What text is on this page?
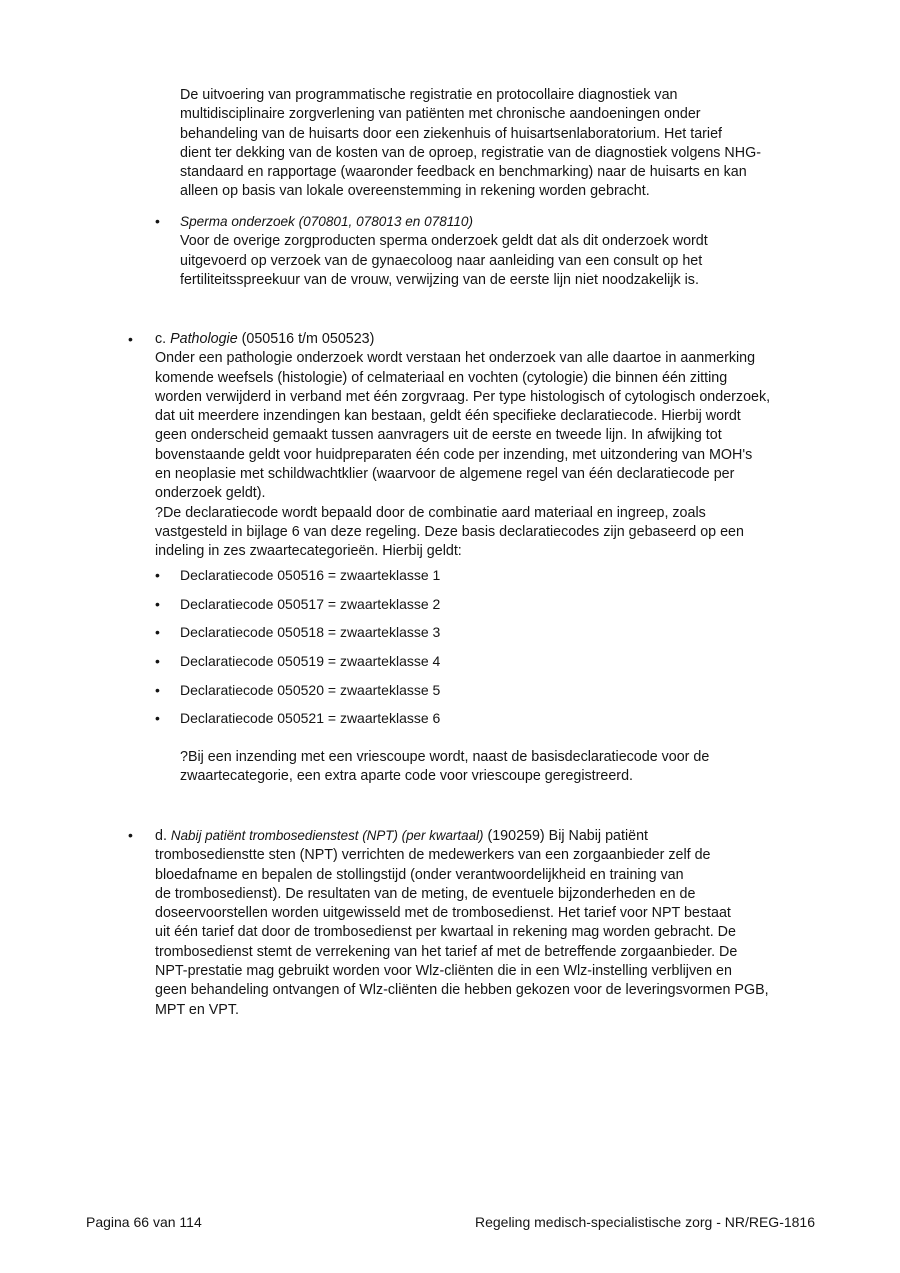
De uitvoering van programmatische registratie en protocollaire diagnostiek van
multidisciplinaire zorgverlening van patiënten met chronische aandoeningen onder
behandeling van de huisarts door een ziekenhuis of huisartsenlaboratorium. Het tarief
dient ter dekking van de kosten van de oproep, registratie van de diagnostiek volgens NHG-
standaard en rapportage (waaronder feedback en benchmarking) naar de huisarts en kan
alleen op basis van lokale overeenstemming in rekening worden gebracht.
• Sperma onderzoek (070801, 078013 en 078110)
Voor de overige zorgproducten sperma onderzoek geldt dat als dit onderzoek wordt
uitgevoerd op verzoek van de gynaecoloog naar aanleiding van een consult op het
fertiliteitsspreekuur van de vrouw, verwijzing van de eerste lijn niet noodzakelijk is.
• c. Pathologie (050516 t/m 050523)
Onder een pathologie onderzoek wordt verstaan het onderzoek van alle daartoe in aanmerking
komende weefsels (histologie) of celmateriaal en vochten (cytologie) die binnen één zitting
worden verwijderd in verband met één zorgvraag. Per type histologisch of cytologisch onderzoek,
dat uit meerdere inzendingen kan bestaan, geldt één specifieke declaratiecode. Hierbij wordt
geen onderscheid gemaakt tussen aanvragers uit de eerste en tweede lijn. In afwijking tot
bovenstaande geldt voor huidpreparaten één code per inzending, met uitzondering van MOH's
en neoplasie met schildwachtklier (waarvoor de algemene regel van één declaratiecode per
onderzoek geldt).
?De declaratiecode wordt bepaald door de combinatie aard materiaal en ingreep, zoals
vastgesteld in bijlage 6 van deze regeling. Deze basis declaratiecodes zijn gebaseerd op een
indeling in zes zwaartecategorieën. Hierbij geldt:
• Declaratiecode 050516 = zwaarteklasse 1
• Declaratiecode 050517 = zwaarteklasse 2
• Declaratiecode 050518 = zwaarteklasse 3
• Declaratiecode 050519 = zwaarteklasse 4
• Declaratiecode 050520 = zwaarteklasse 5
• Declaratiecode 050521 = zwaarteklasse 6
?Bij een inzending met een vriescoupe wordt, naast de basisdeclaratiecode voor de
zwaartecategorie, een extra aparte code voor vriescoupe geregistreerd.
• d. Nabij patiënt trombosedienstest (NPT) (per kwartaal) (190259) Bij Nabij patiënt
trombosedienstte sten (NPT) verrichten de medewerkers van een zorgaanbieder zelf de
bloedafname en bepalen de stollingstijd (onder verantwoordelijkheid en training van
de trombosedienst). De resultaten van de meting, de eventuele bijzonderheden en de
doseervoorstellen worden uitgewisseld met de trombosedienst. Het tarief voor NPT bestaat
uit één tarief dat door de trombosedienst per kwartaal in rekening mag worden gebracht. De
trombosedienst stemt de verrekening van het tarief af met de betreffende zorgaanbieder. De
NPT-prestatie mag gebruikt worden voor Wlz-cliënten die in een Wlz-instelling verblijven en
geen behandeling ontvangen of Wlz-cliënten die hebben gekozen voor de leveringsvormen PGB,
MPT en VPT.
Pagina 66 van 114	Regeling medisch-specialistische zorg - NR/REG-1816
